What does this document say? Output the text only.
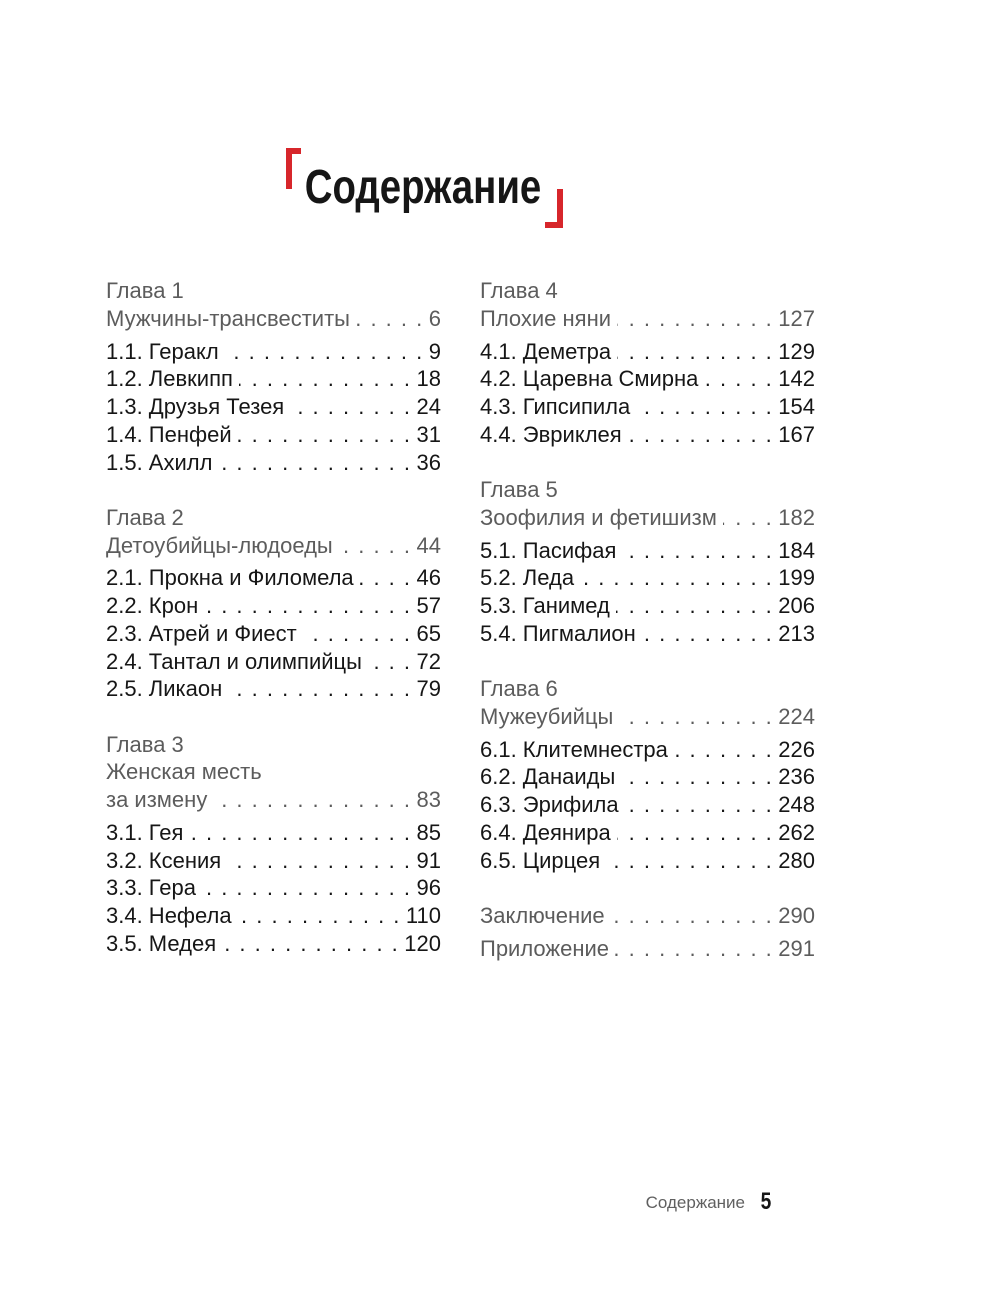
Содержание
Глава 1
Мужчины-трансвеститы . . .	6
1.1. Геракл . . .	9
1.2. Левкипп . . .	18
1.3. Друзья Тезея . . .	24
1.4. Пенфей . . .	31
1.5. Ахилл . . .	36
Глава 2
Детоубийцы-людоеды . . .	44
2.1. Прокна и Филомела . . .	46
2.2. Крон . . .	57
2.3. Атрей и Фиест . . .	65
2.4. Тантал и олимпийцы . . . 72
2.5. Ликаон . . .	79
Глава 3
Женская месть
за измену . . .	83
3.1. Гея . . .	85
3.2. Ксения . . .	91
3.3. Гера . . .	96
3.4. Нефела . . .	110
3.5. Медея . . .	120
Глава 4
Плохие няни . . .	127
4.1. Деметра . . .	129
4.2. Царевна Смирна . . .	142
4.3. Гипсипила . . .	154
4.4. Эвриклея . . .	167
Глава 5
Зоофилия и фетишизм . . .	182
5.1. Пасифая . . .	184
5.2. Леда . . .	199
5.3. Ганимед . . .	206
5.4. Пигмалион . . .	213
Глава 6
Мужеубийцы . . .	224
6.1. Клитемнестра . . .	226
6.2. Данаиды . . .	236
6.3. Эрифила . . .	248
6.4. Деянира . . .	262
6.5. Цирцея . . .	280
Заключение . . .	290
Приложение . . .	291
Содержание 5
